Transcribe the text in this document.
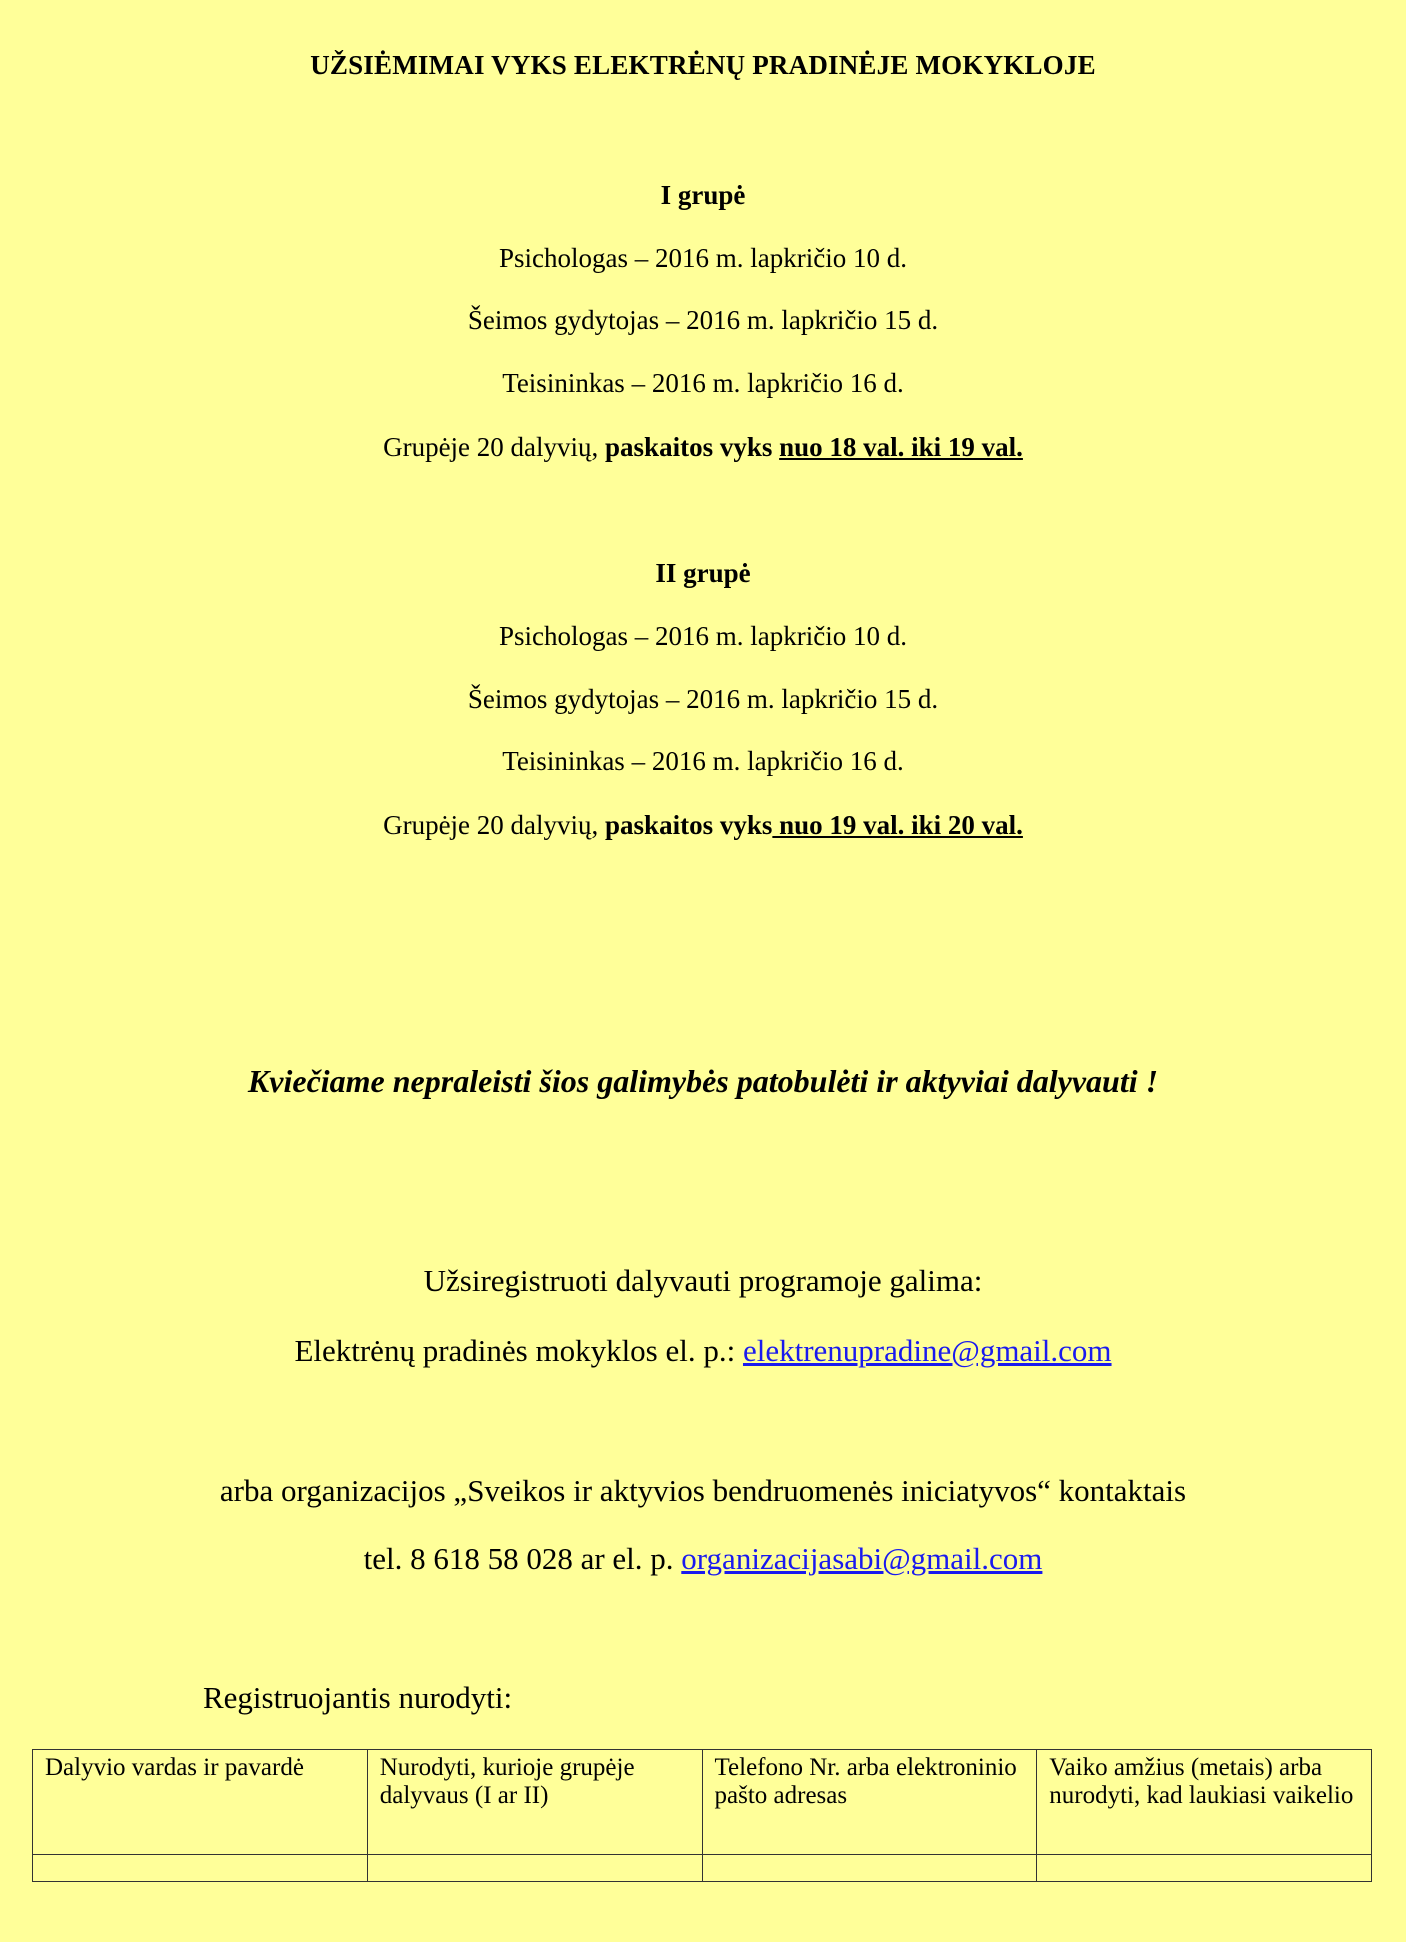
UŽSIĖMIMAI VYKS ELEKTRĖNŲ PRADINĖJE MOKYKLOJE
I grupė
Psichologas – 2016 m. lapkričio 10 d.
Šeimos gydytojas – 2016 m. lapkričio 15 d.
Teisininkas – 2016 m. lapkričio 16 d.
Grupėje 20 dalyvių, paskaitos vyks nuo 18 val. iki 19 val.
II grupė
Psichologas – 2016 m. lapkričio 10 d.
Šeimos gydytojas – 2016 m. lapkričio 15 d.
Teisininkas – 2016 m. lapkričio 16 d.
Grupėje 20 dalyvių, paskaitos vyks nuo 19 val. iki 20 val.
Kviečiame nepraleisti šios galimybės patobulėti ir aktyviai dalyvauti !
Užsiregistruoti dalyvauti programoje galima:
Elektrėnų pradinės mokyklos el. p.: elektrenupradine@gmail.com
arba organizacijos „Sveikos ir aktyvios bendruomenės iniciatyvos“ kontaktais
tel. 8 618 58 028 ar el. p. organizacijasabi@gmail.com
Registruojantis nurodyti:
Dalyvio vardas ir pavardė	Nurodyti, kurioje grupėje dalyvaus (I ar II)	Telefono Nr. arba elektroninio pašto adresas	Vaiko amžius (metais) arba nurodyti, kad laukiasi vaikelio
